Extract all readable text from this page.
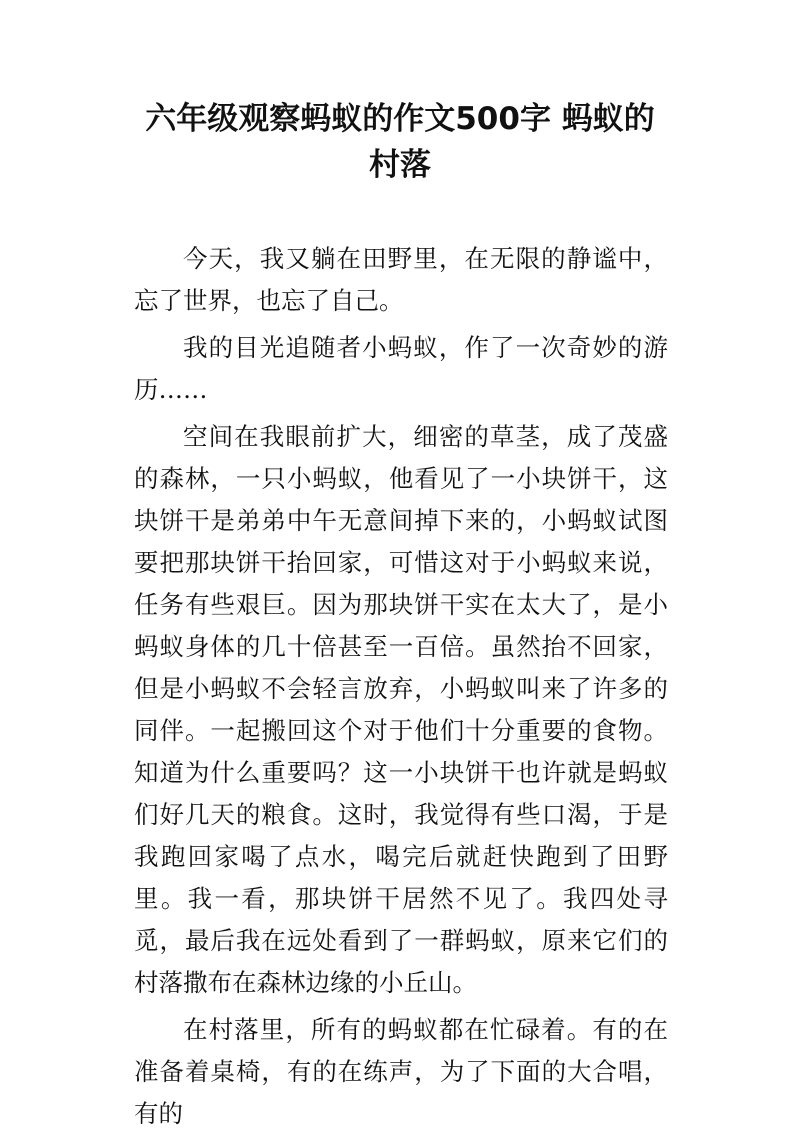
六年级观察蚂蚁的作文500字 蚂蚁的
村落

今天，我又躺在田野里，在无限的静谧中，忘了世界，也忘了自己。

我的目光追随者小蚂蚁，作了一次奇妙的游历……

空间在我眼前扩大，细密的草茎，成了茂盛的森林，一只小蚂蚁，他看见了一小块饼干，这块饼干是弟弟中午无意间掉下来的，小蚂蚁试图要把那块饼干抬回家，可惜这对于小蚂蚁来说，任务有些艰巨。因为那块饼干实在太大了，是小蚂蚁身体的几十倍甚至一百倍。虽然抬不回家，但是小蚂蚁不会轻言放弃，小蚂蚁叫来了许多的同伴。一起搬回这个对于他们十分重要的食物。知道为什么重要吗？这一小块饼干也许就是蚂蚁们好几天的粮食。这时，我觉得有些口渴，于是我跑回家喝了点水，喝完后就赶快跑到了田野里。我一看，那块饼干居然不见了。我四处寻觅，最后我在远处看到了一群蚂蚁，原来它们的村落撒布在森林边缘的小丘山。

在村落里，所有的蚂蚁都在忙碌着。有的在准备着桌椅，有的在练声，为了下面的大合唱，有的
